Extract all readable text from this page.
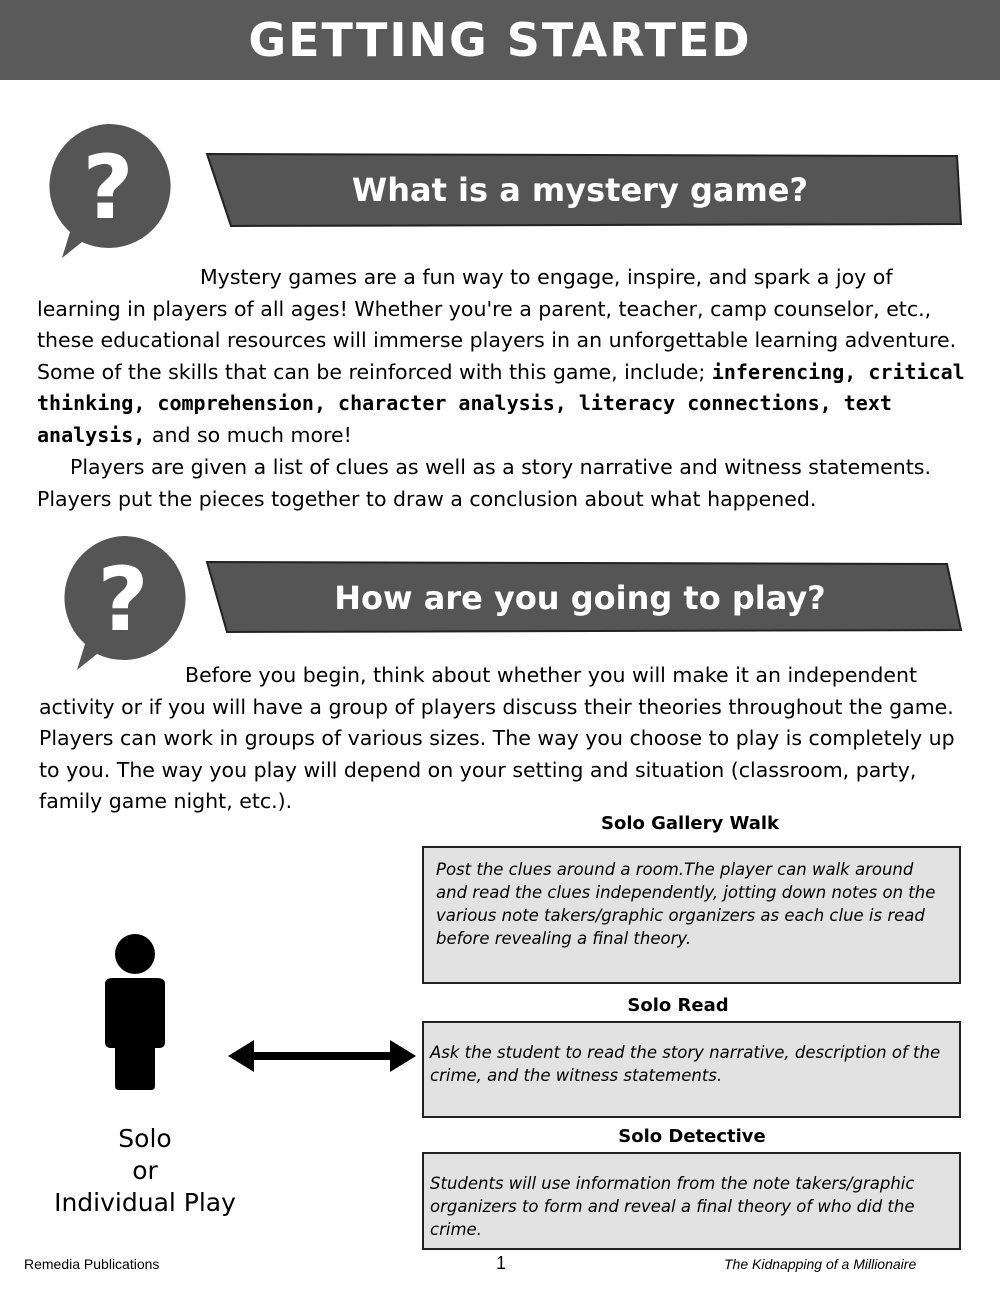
GETTING STARTED
?	What is a mystery game?

Mystery games are a fun way to engage, inspire, and spark a joy of learning in players of all ages! Whether you're a parent, teacher, camp counselor, etc., these educational resources will immerse players in an unforgettable learning adventure. Some of the skills that can be reinforced with this game, include; inferencing, critical thinking, comprehension, character analysis, literacy connections, text analysis, and so much more!

Players are given a list of clues as well as a story narrative and witness statements. Players put the pieces together to draw a conclusion about what happened.

?	How are you going to play?

Before you begin, think about whether you will make it an independent activity or if you will have a group of players discuss their theories throughout the game. Players can work in groups of various sizes. The way you choose to play is completely up to you. The way you play will depend on your setting and situation (classroom, party, family game night, etc.).

Solo Gallery Walk
Post the clues around a room.The player can walk around and read the clues independently, jotting down notes on the various note takers/graphic organizers as each clue is read before revealing a final theory.
Solo Read
Ask the student to read the story narrative, description of the crime, and the witness statements.
Solo Detective
Students will use information from the note takers/graphic organizers to form and reveal a final theory of who did the crime.
Solo
or
Individual Play
Remedia Publications	1	The Kidnapping of a Millionaire
